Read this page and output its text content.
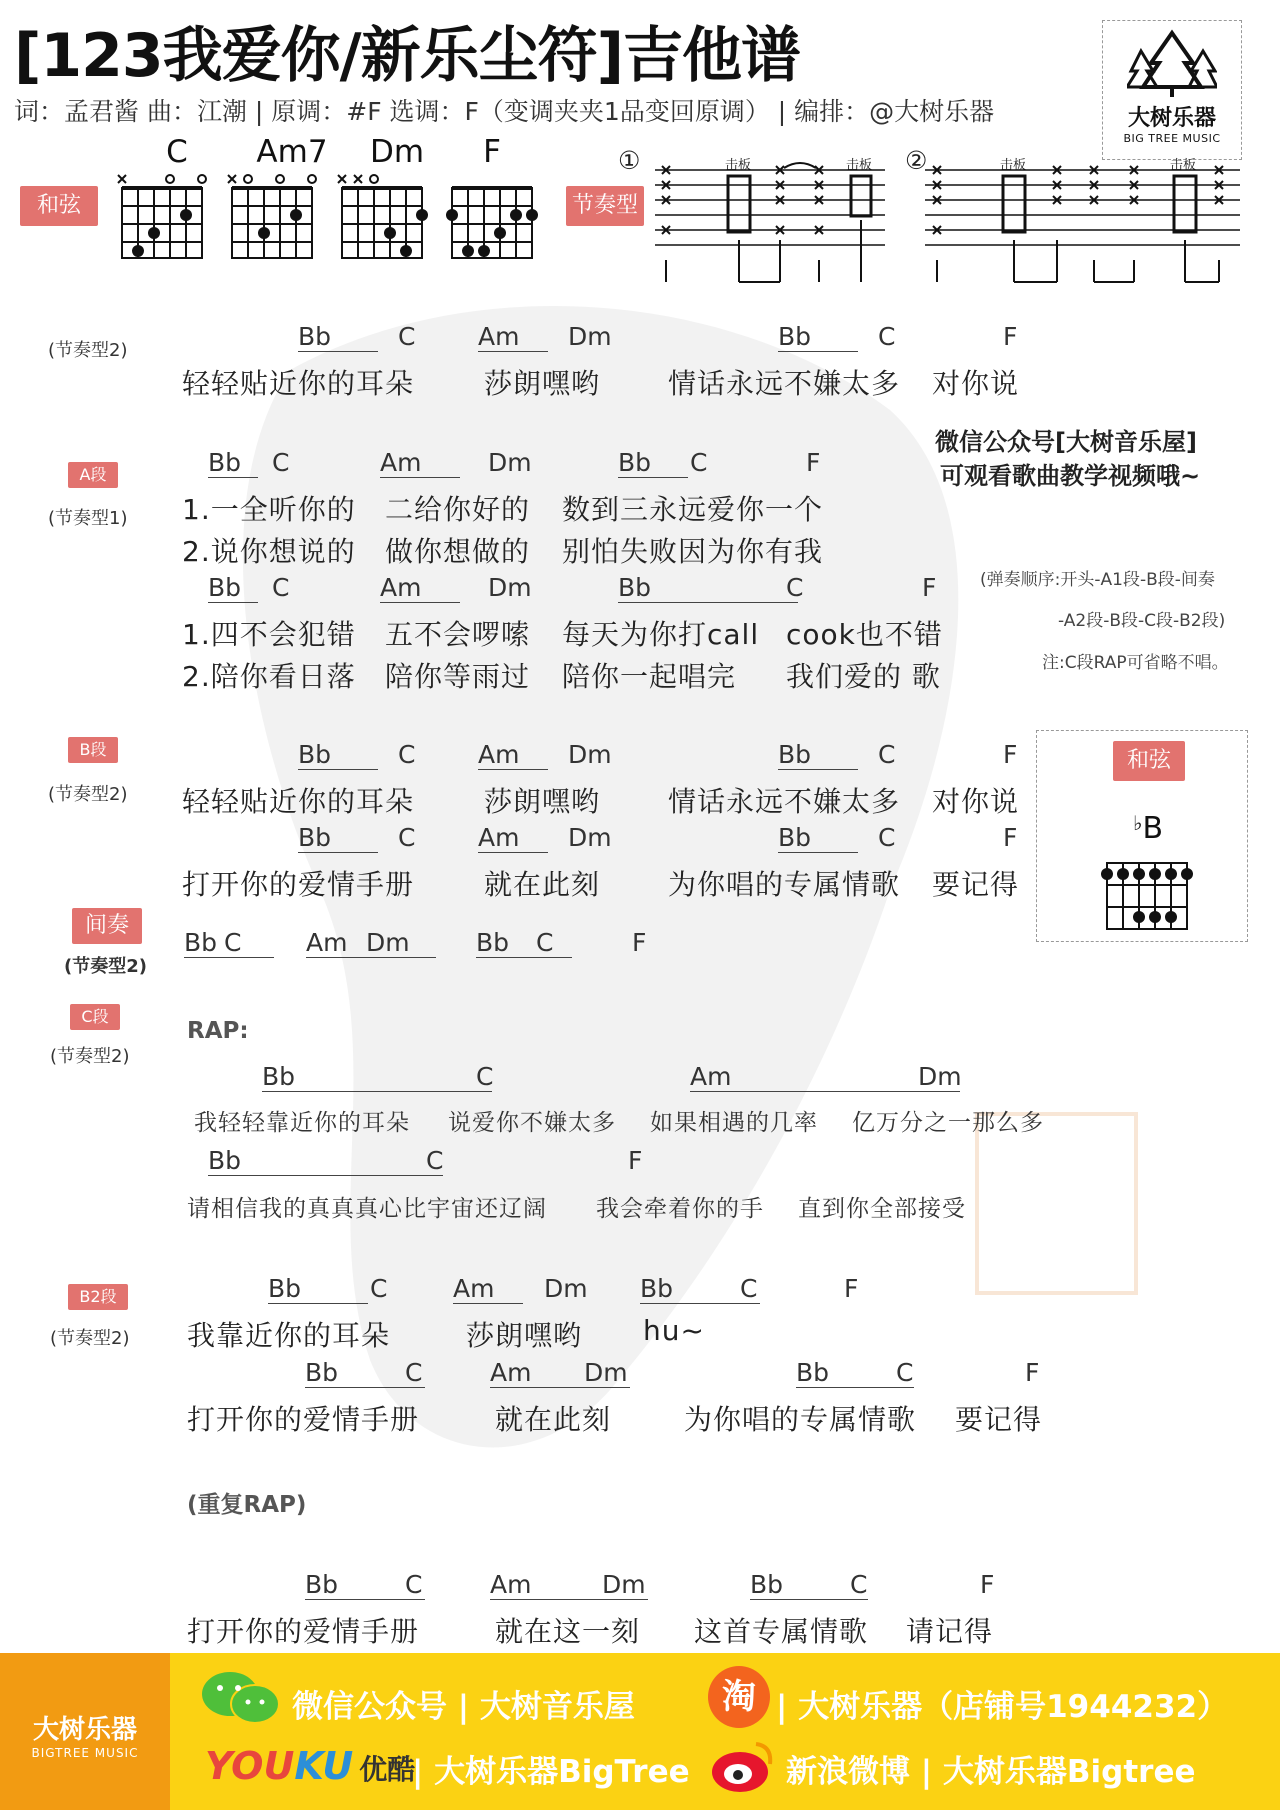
[123我爱你/新乐尘符]吉他谱
词：孟君酱 曲：江潮 | 原调：#F 选调：F（变调夹夹1品变回原调） | 编排：@大树乐器	大树乐器
BIG TREE MUSIC
和弦
C	Am7	Dm	F
节奏型
①	②
击板	击板	击板	击板
(节奏型2)	Bb	C	Am	Dm	Bb	C	F
轻轻贴近你的耳朵 莎朗嘿哟 情话永远不嫌太多 对你说
微信公众号[大树音乐屋]
可观看歌曲教学视频哦~
(弹奏顺序:开头-A1段-B段-间奏
-A2段-B段-C段-B2段)
注:C段RAP可省略不唱。
A段
(节奏型1)
Bb	C	Am	Dm	Bb	C	F
1.一全听你的 二给你好的 数到三永远爱你一个
2.说你想说的 做你想做的 别怕失败因为你有我
Bb	C	Am	Dm	Bb	C	F
1.四不会犯错 五不会啰嗦 每天为你打call cook也不错
2.陪你看日落 陪你等雨过 陪你一起唱完 我们爱的 歌
B段
(节奏型2)
Bb	C	Am	Dm	Bb	C	F
轻轻贴近你的耳朵 莎朗嘿哟 情话永远不嫌太多 对你说
Bb	C	Am	Dm	Bb	C	F
打开你的爱情手册 就在此刻 为你唱的专属情歌 要记得
和弦
♭B
间奏
(节奏型2)
Bb C	Am Dm	Bb	C	F
C段
(节奏型2)
RAP:
Bb	C	Am	Dm
我轻轻靠近你的耳朵 说爱你不嫌太多 如果相遇的几率 亿万分之一那么多
Bb	C	F
请相信我的真真真心比宇宙还辽阔 我会牵着你的手 直到你全部接受
B2段
(节奏型2)
Bb	C	Am	Dm Bb	C	F
我靠近你的耳朵	莎朗嘿哟 hu~
Bb	C	Am	Dm	Bb	C	F
打开你的爱情手册	就在此刻	为你唱的专属情歌 要记得
(重复RAP)
Bb	C	Am	Dm	Bb	C	F
打开你的爱情手册	就在这一刻 这首专属情歌 请记得
大树乐器
BIGTREE MUSIC
微信公众号 | 大树音乐屋	淘 | 大树乐器（店铺号1944232）
YOUKU 优酷
| 大树乐器BigTree	新浪微博 | 大树乐器Bigtree
